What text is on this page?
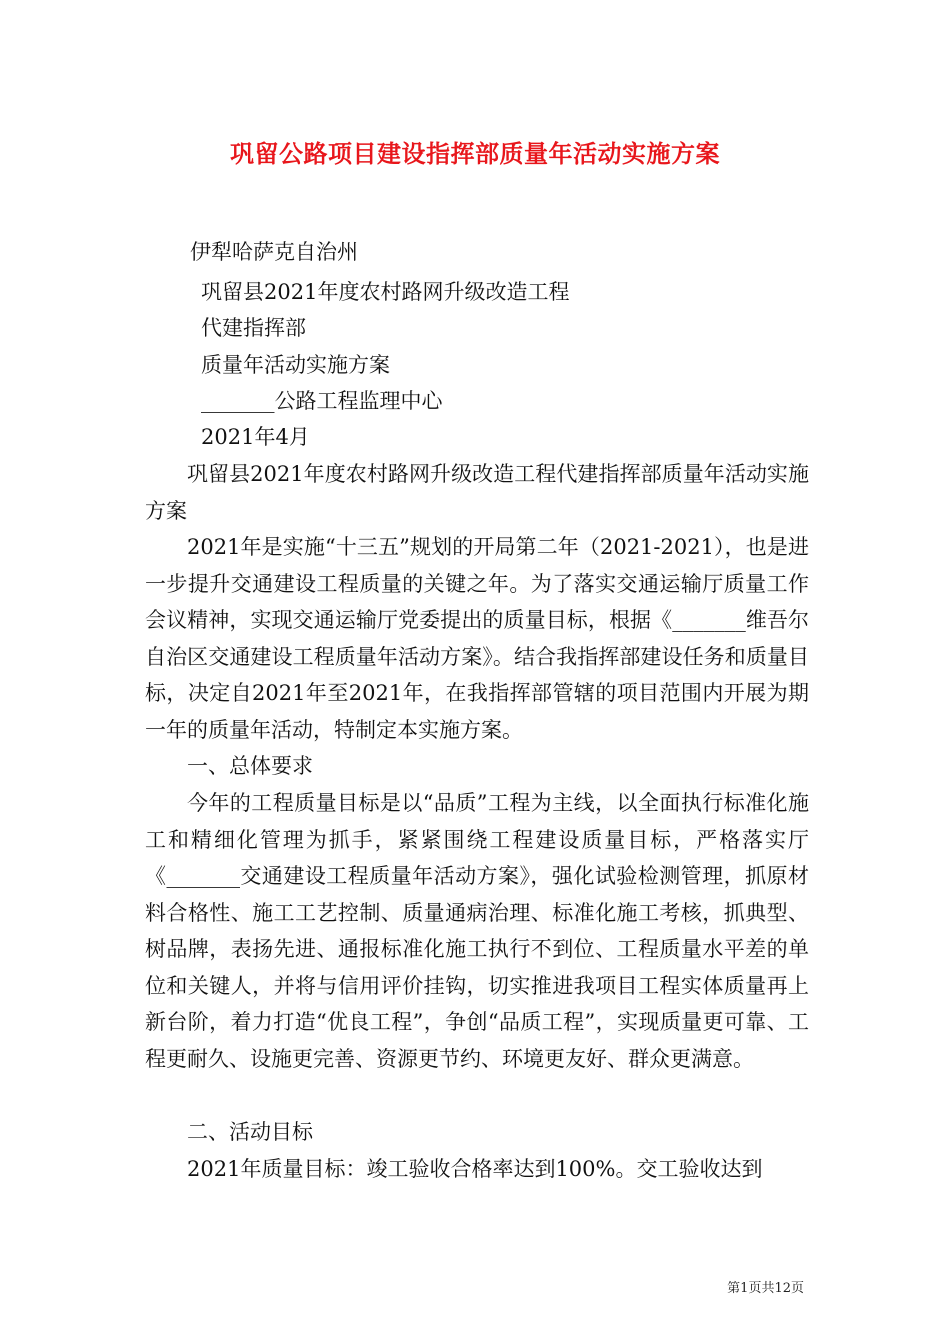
巩留公路项目建设指挥部质量年活动实施方案
伊犁哈萨克自治州
巩留县2021年度农村路网升级改造工程
代建指挥部
质量年活动实施方案
_______公路工程监理中心
2021年4月
巩留县2021年度农村路网升级改造工程代建指挥部质量年活动实施方案
2021年是实施“十三五”规划的开局第二年（2021-2021），也是进一步提升交通建设工程质量的关键之年。为了落实交通运输厅质量工作会议精神，实现交通运输厅党委提出的质量目标，根据《_______维吾尔自治区交通建设工程质量年活动方案》。结合我指挥部建设任务和质量目标，决定自2021年至2021年，在我指挥部管辖的项目范围内开展为期一年的质量年活动，特制定本实施方案。
一、总体要求
今年的工程质量目标是以“品质”工程为主线，以全面执行标准化施工和精细化管理为抓手，紧紧围绕工程建设质量目标，严格落实厅《_______交通建设工程质量年活动方案》，强化试验检测管理，抓原材料合格性、施工工艺控制、质量通病治理、标准化施工考核，抓典型、树品牌，表扬先进、通报标准化施工执行不到位、工程质量水平差的单位和关键人，并将与信用评价挂钩，切实推进我项目工程实体质量再上新台阶，着力打造“优良工程”，争创“品质工程”，实现质量更可靠、工程更耐久、设施更完善、资源更节约、环境更友好、群众更满意。
二、活动目标
2021年质量目标：竣工验收合格率达到100%。交工验收达到
第1页共12页
